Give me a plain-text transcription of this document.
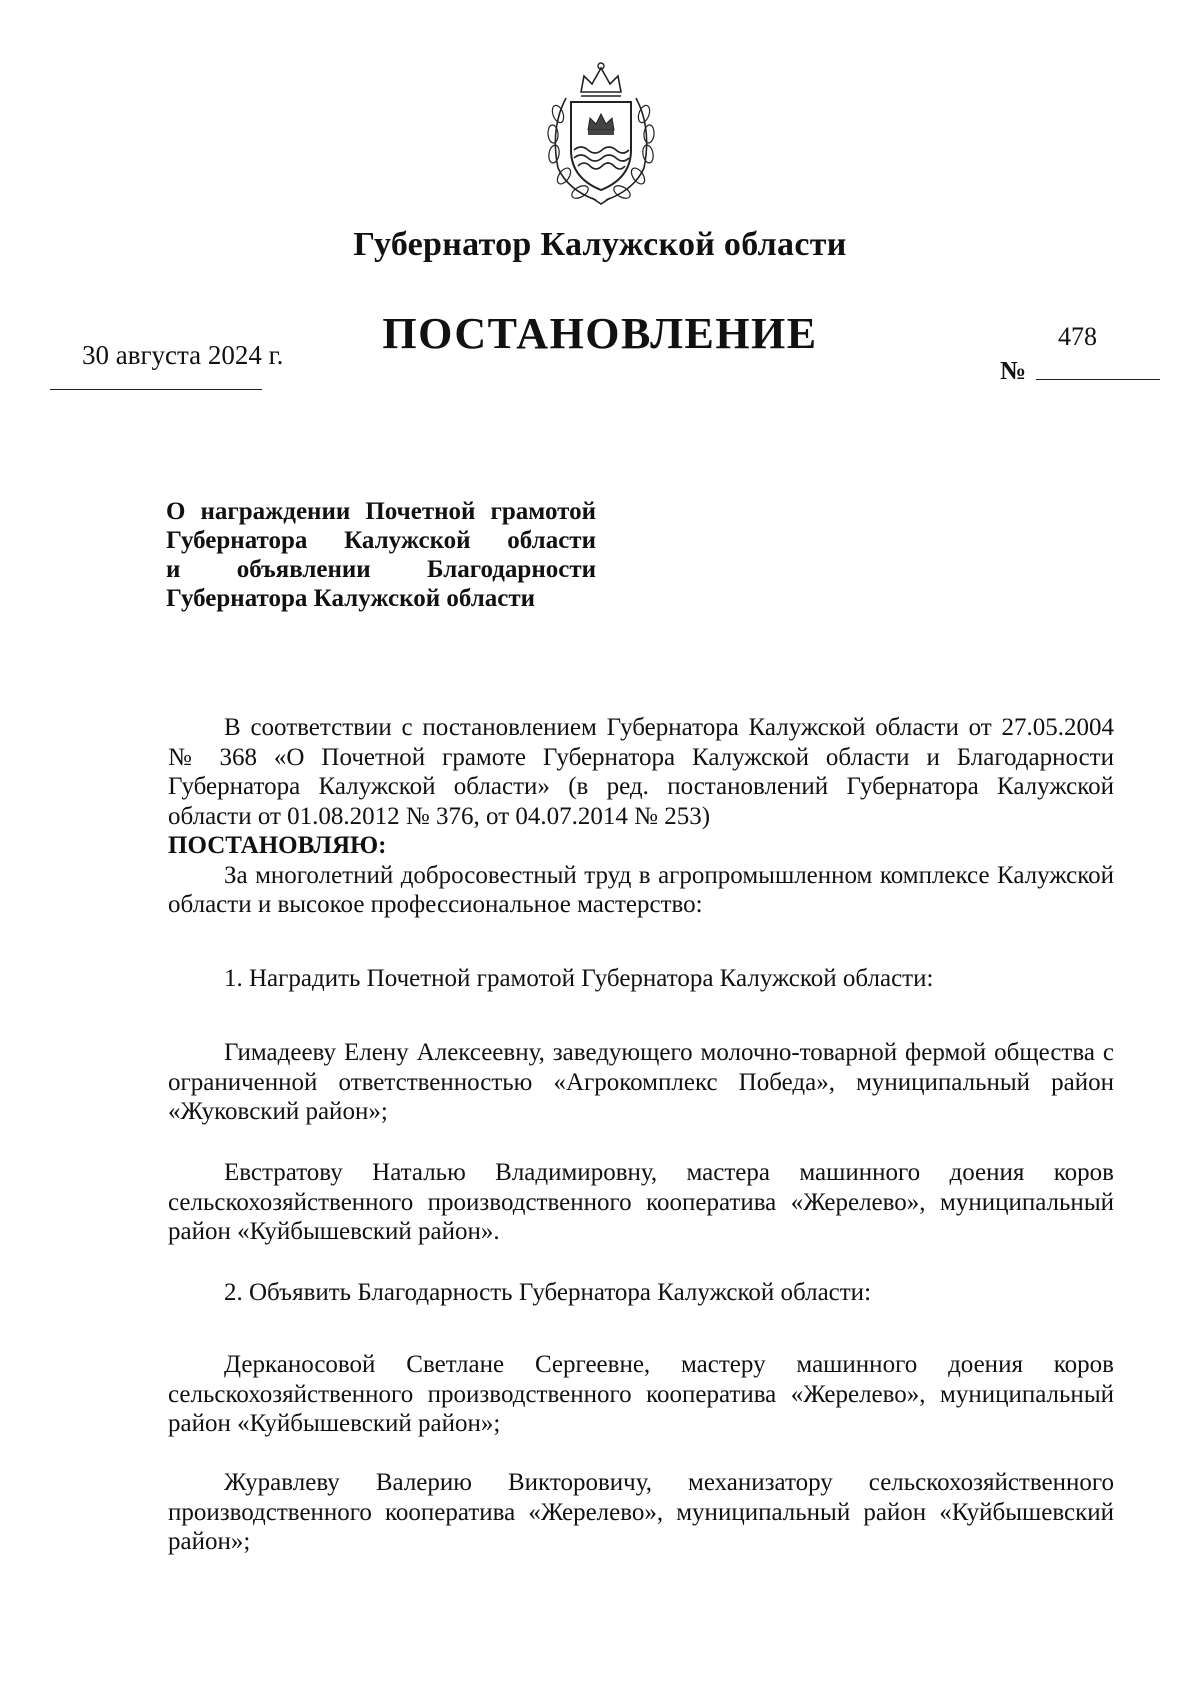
Губернатор Калужской области
ПОСТАНОВЛЕНИЕ
30 августа 2024 г.
478
№
О награждении Почетной грамотой
Губернатора Калужской области
и объявлении Благодарности
Губернатора Калужской области

В соответствии с постановлением Губернатора Калужской области от 27.05.2004 № 368 «О Почетной грамоте Губернатора Калужской области и Благодарности Губернатора Калужской области» (в ред. постановлений Губернатора Калужской области от 01.08.2012 № 376, от 04.07.2014 № 253)

ПОСТАНОВЛЯЮ:

За многолетний добросовестный труд в агропромышленном комплексе Калужской области и высокое профессиональное мастерство:

1. Наградить Почетной грамотой Губернатора Калужской области:

Гимадееву Елену Алексеевну, заведующего молочно-товарной фермой общества с ограниченной ответственностью «Агрокомплекс Победа», муниципальный район «Жуковский район»;

Евстратову Наталью Владимировну, мастера машинного доения коров сельскохозяйственного производственного кооператива «Жерелево», муниципальный район «Куйбышевский район».

2. Объявить Благодарность Губернатора Калужской области:

Дерканосовой Светлане Сергеевне, мастеру машинного доения коров сельскохозяйственного производственного кооператива «Жерелево», муниципальный район «Куйбышевский район»;

Журавлеву Валерию Викторовичу, механизатору сельскохозяйственного производственного кооператива «Жерелево», муниципальный район «Куйбышевский район»;
